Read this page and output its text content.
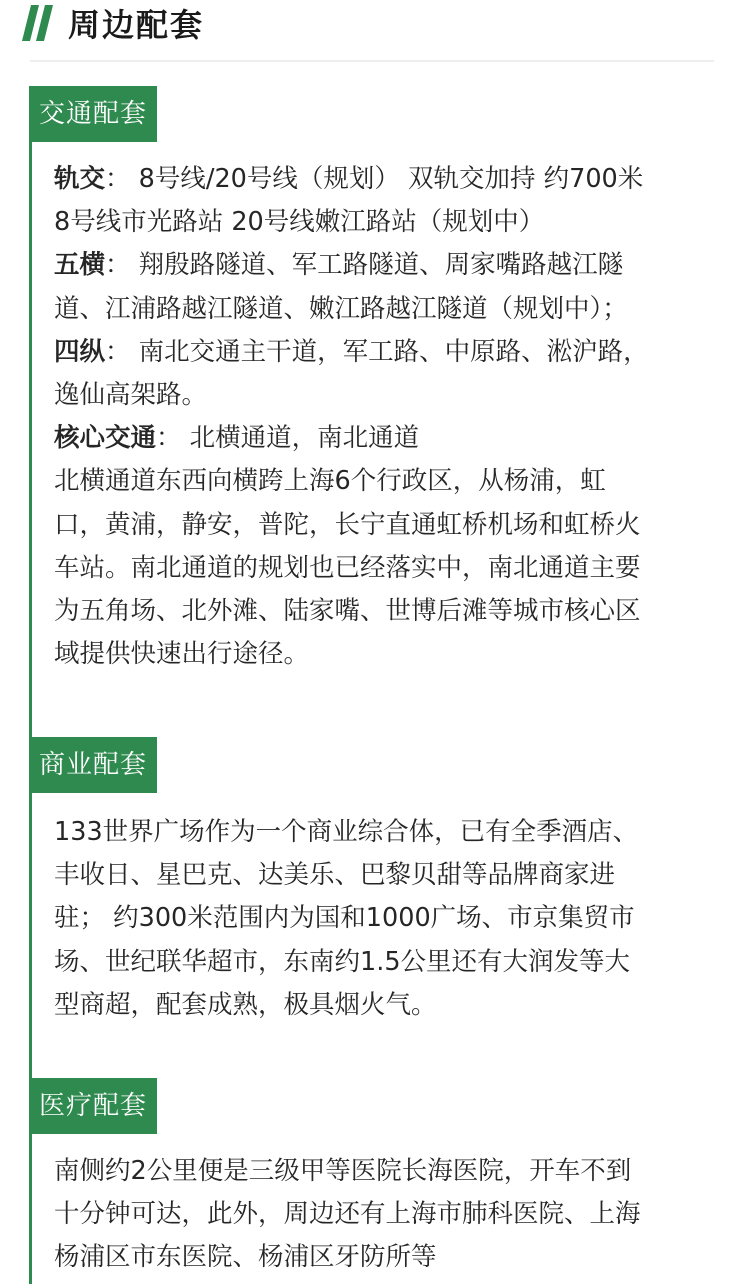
周边配套
交通配套

轨交： 8号线/20号线（规划） 双轨交加持 约700米
8号线市光路站 20号线嫩江路站（规划中）

五横： 翔殷路隧道、军工路隧道、周家嘴路越江隧
道、江浦路越江隧道、嫩江路越江隧道（规划中）；

四纵： 南北交通主干道，军工路、中原路、淞沪路，
逸仙高架路。

核心交通： 北横通道，南北通道
北横通道东西向横跨上海6个行政区，从杨浦，虹
口，黄浦，静安，普陀，长宁直通虹桥机场和虹桥火
车站。南北通道的规划也已经落实中，南北通道主要
为五角场、北外滩、陆家嘴、世博后滩等城市核心区
域提供快速出行途径。

商业配套

133世界广场作为一个商业综合体，已有全季酒店、
丰收日、星巴克、达美乐、巴黎贝甜等品牌商家进
驻； 约300米范围内为国和1000广场、市京集贸市
场、世纪联华超市，东南约1.5公里还有大润发等大
型商超，配套成熟，极具烟火气。

医疗配套

南侧约2公里便是三级甲等医院长海医院，开车不到
十分钟可达，此外，周边还有上海市肺科医院、上海
杨浦区市东医院、杨浦区牙防所等
